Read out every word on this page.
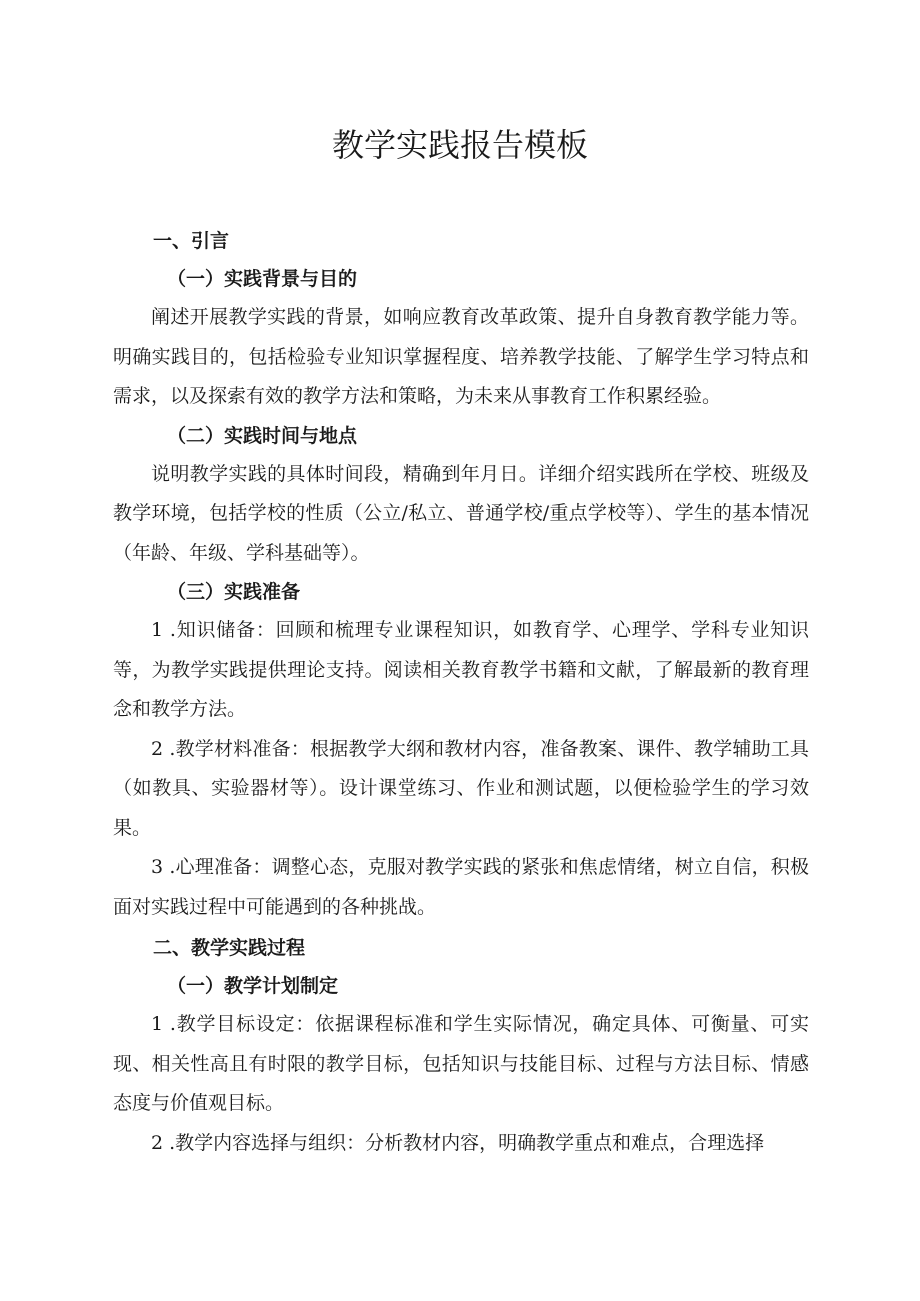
教学实践报告模板

一、引言

（一）实践背景与目的

阐述开展教学实践的背景，如响应教育改革政策、提升自身教育教学能力等。明确实践目的，包括检验专业知识掌握程度、培养教学技能、了解学生学习特点和需求，以及探索有效的教学方法和策略，为未来从事教育工作积累经验。

（二）实践时间与地点

说明教学实践的具体时间段，精确到年月日。详细介绍实践所在学校、班级及教学环境，包括学校的性质（公立/私立、普通学校/重点学校等）、学生的基本情况（年龄、年级、学科基础等）。

（三）实践准备

1 .知识储备：回顾和梳理专业课程知识，如教育学、心理学、学科专业知识等，为教学实践提供理论支持。阅读相关教育教学书籍和文献，了解最新的教育理念和教学方法。

2 .教学材料准备：根据教学大纲和教材内容，准备教案、课件、教学辅助工具（如教具、实验器材等）。设计课堂练习、作业和测试题，以便检验学生的学习效果。

3 .心理准备：调整心态，克服对教学实践的紧张和焦虑情绪，树立自信，积极面对实践过程中可能遇到的各种挑战。

二、教学实践过程

（一）教学计划制定

1 .教学目标设定：依据课程标准和学生实际情况，确定具体、可衡量、可实现、相关性高且有时限的教学目标，包括知识与技能目标、过程与方法目标、情感态度与价值观目标。

2 .教学内容选择与组织：分析教材内容，明确教学重点和难点，合理选择
